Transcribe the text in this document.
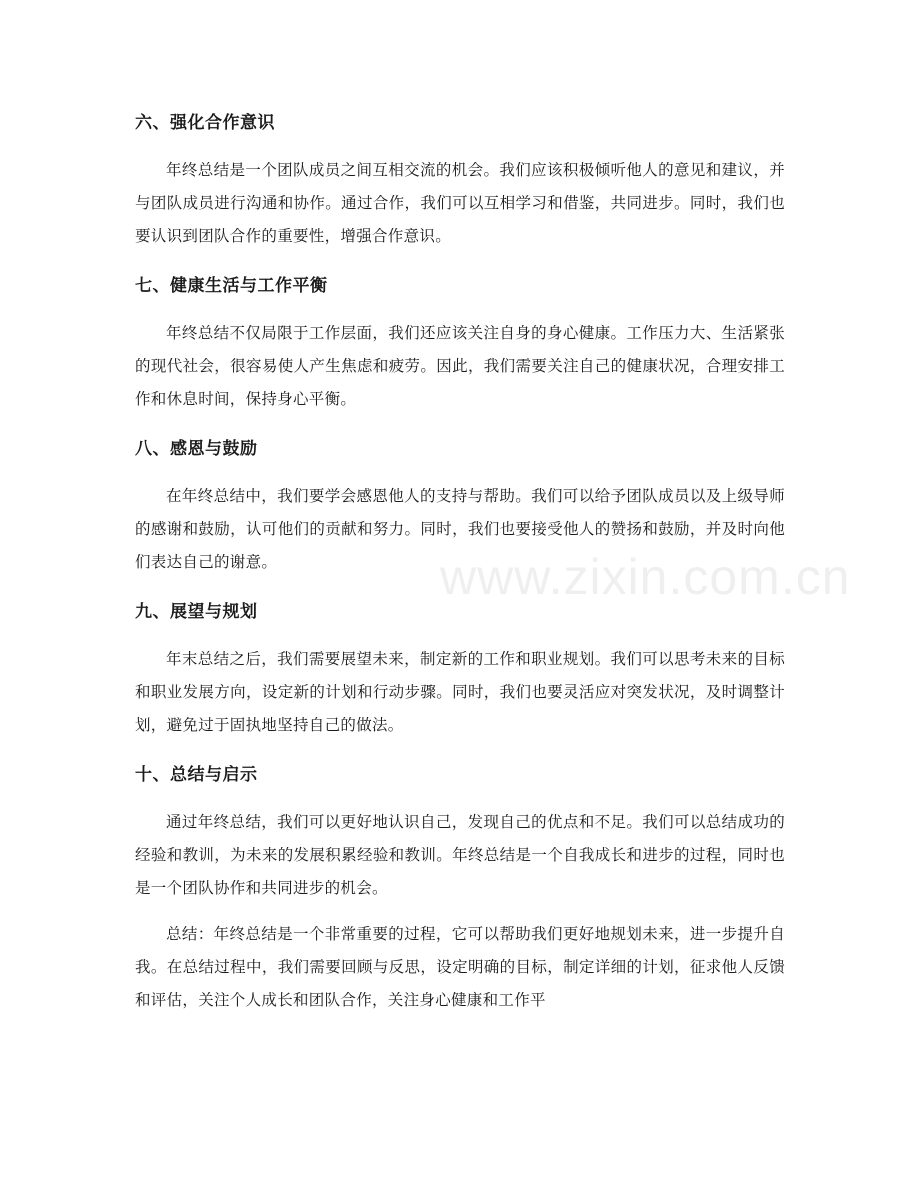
六、强化合作意识

年终总结是一个团队成员之间互相交流的机会。我们应该积极倾听他人的意见和建议，并与团队成员进行沟通和协作。通过合作，我们可以互相学习和借鉴，共同进步。同时，我们也要认识到团队合作的重要性，增强合作意识。

七、健康生活与工作平衡

年终总结不仅局限于工作层面，我们还应该关注自身的身心健康。工作压力大、生活紧张的现代社会，很容易使人产生焦虑和疲劳。因此，我们需要关注自己的健康状况，合理安排工作和休息时间，保持身心平衡。

八、感恩与鼓励

在年终总结中，我们要学会感恩他人的支持与帮助。我们可以给予团队成员以及上级导师的感谢和鼓励，认可他们的贡献和努力。同时，我们也要接受他人的赞扬和鼓励，并及时向他们表达自己的谢意。

九、展望与规划

年末总结之后，我们需要展望未来，制定新的工作和职业规划。我们可以思考未来的目标和职业发展方向，设定新的计划和行动步骤。同时，我们也要灵活应对突发状况，及时调整计划，避免过于固执地坚持自己的做法。

十、总结与启示

通过年终总结，我们可以更好地认识自己，发现自己的优点和不足。我们可以总结成功的经验和教训，为未来的发展积累经验和教训。年终总结是一个自我成长和进步的过程，同时也是一个团队协作和共同进步的机会。

总结：年终总结是一个非常重要的过程，它可以帮助我们更好地规划未来，进一步提升自我。在总结过程中，我们需要回顾与反思，设定明确的目标，制定详细的计划，征求他人反馈和评估，关注个人成长和团队合作，关注身心健康和工作平

www.zixin.com.cn
